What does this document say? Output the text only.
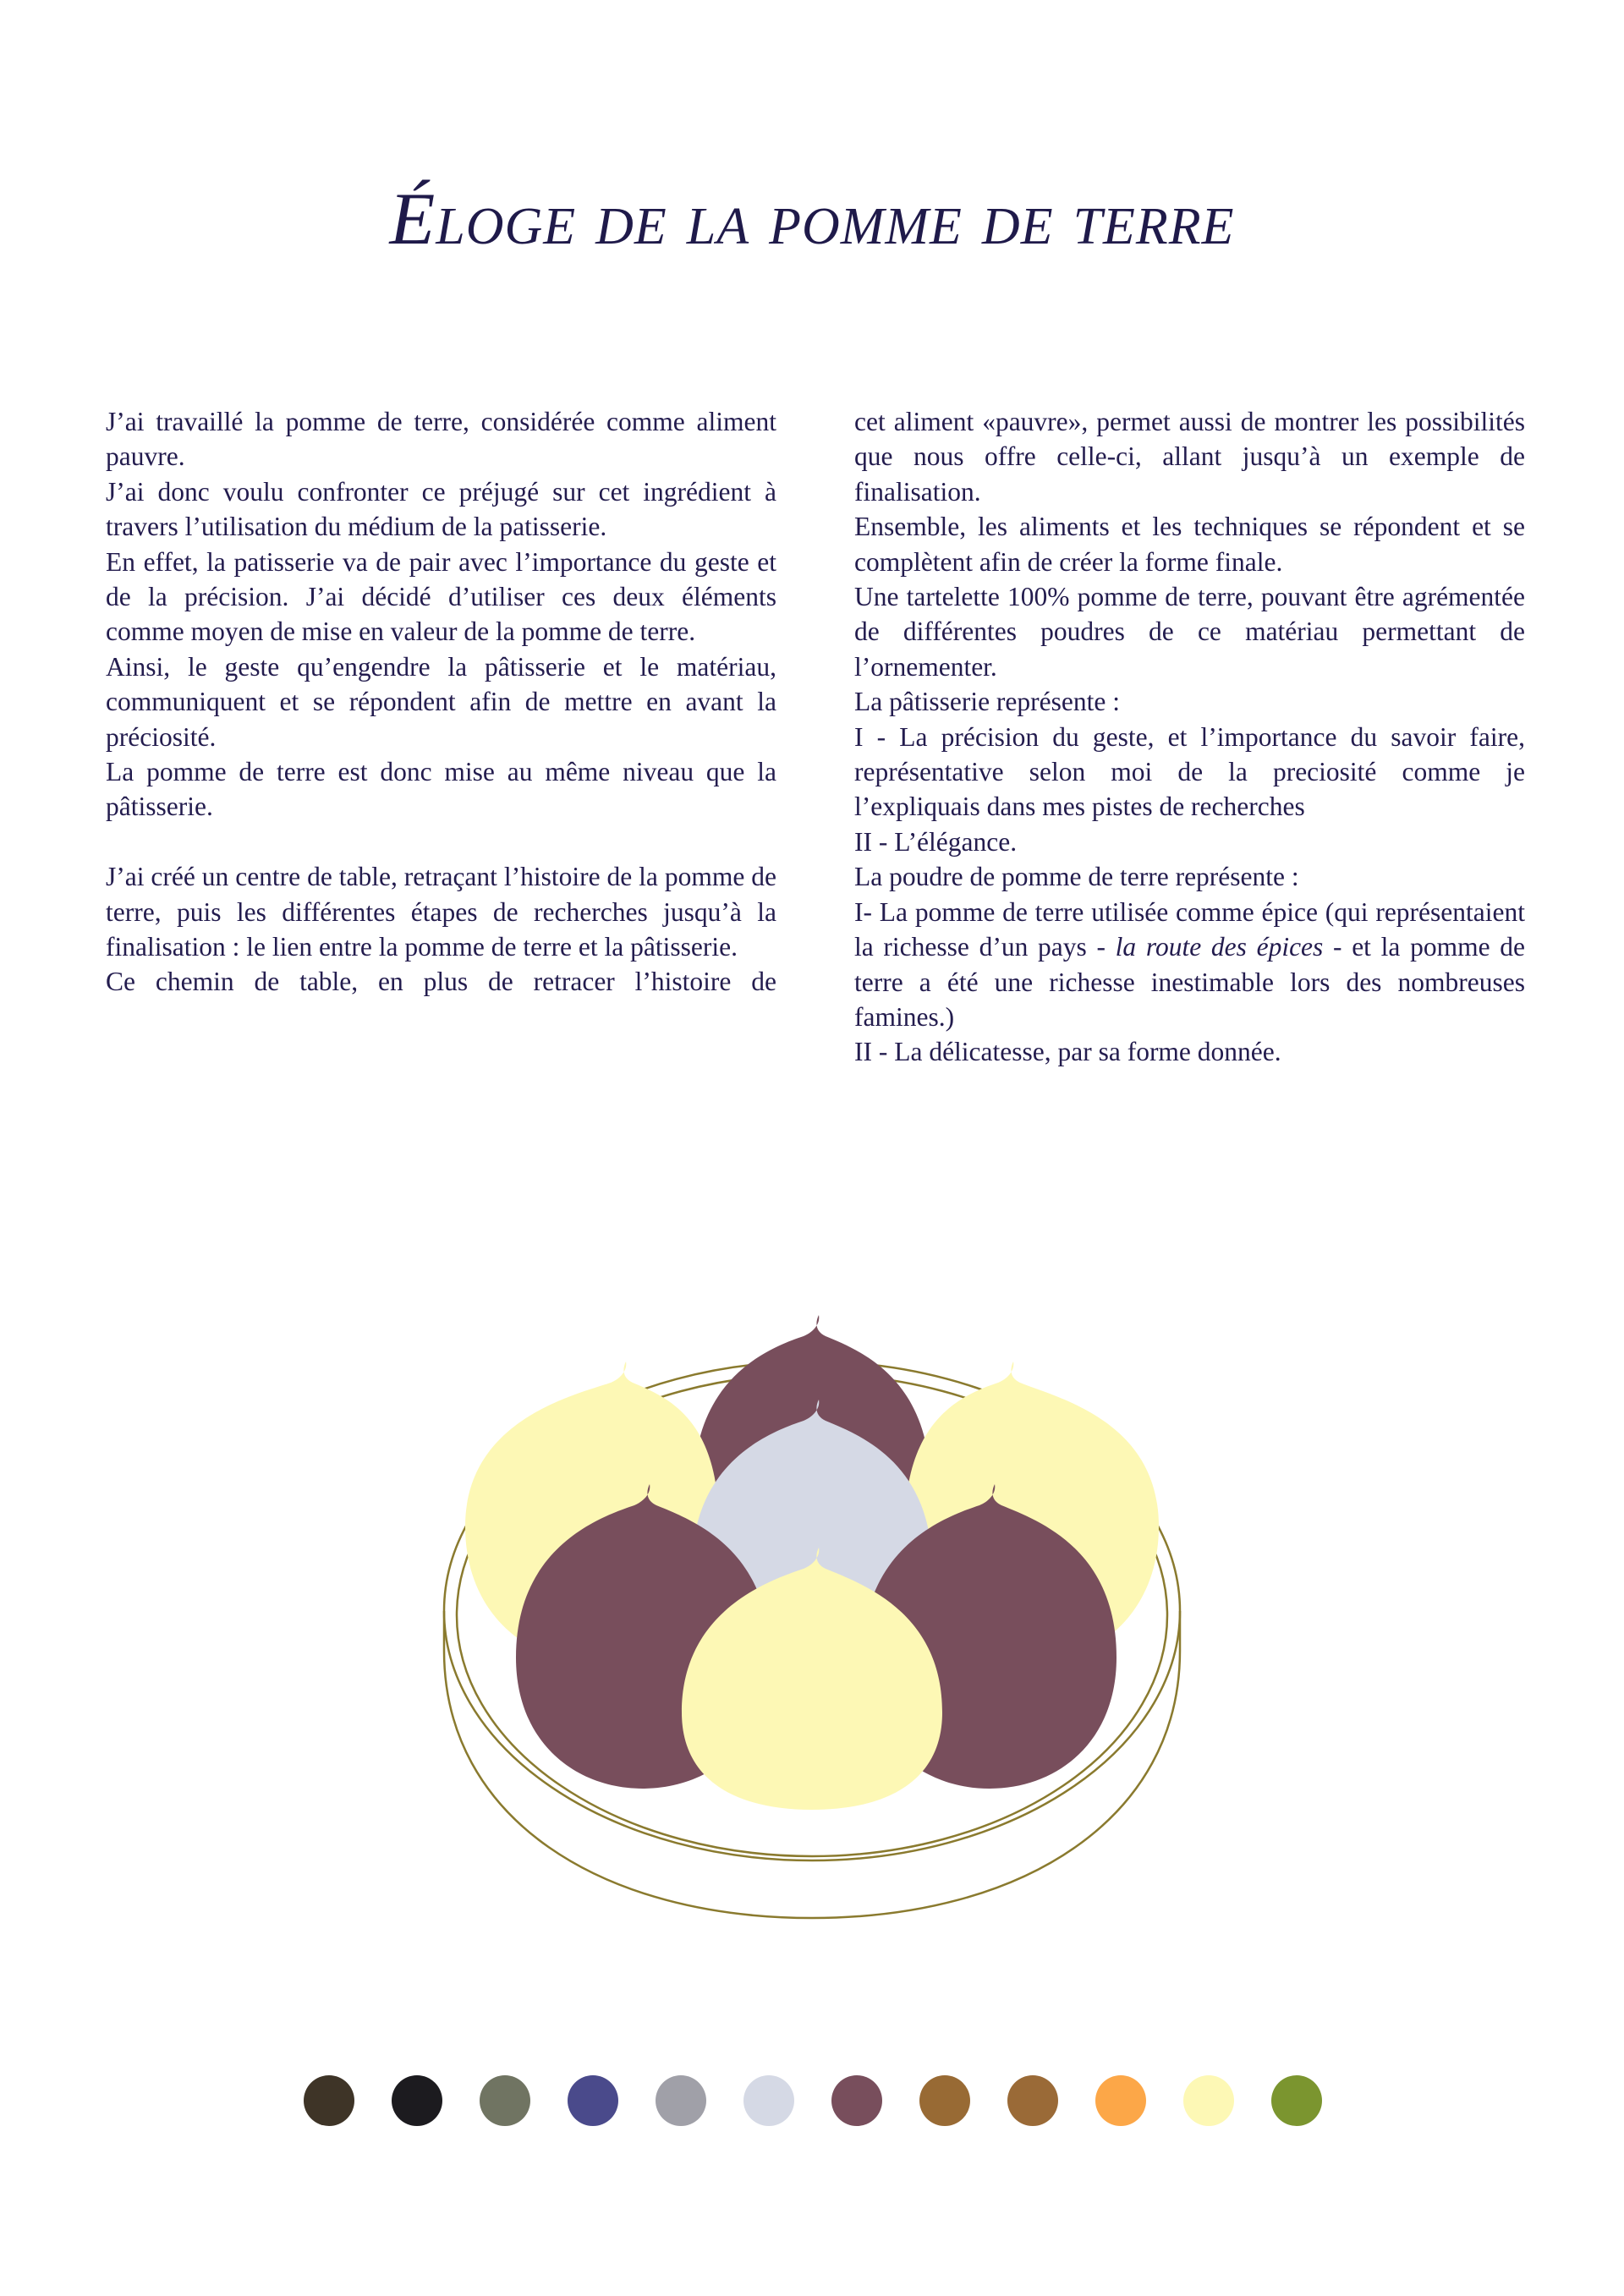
Éloge de la pomme de terre

J’ai travaillé la pomme de terre, considérée comme aliment pauvre.

J’ai donc voulu confronter ce préjugé sur cet ingrédient à travers l’utilisation du médium de la patisserie.

En effet, la patisserie va de pair avec l’importance du geste et de la précision. J’ai décidé d’utiliser ces deux éléments comme moyen de mise en valeur de la pomme de terre.

Ainsi, le geste qu’engendre la pâtisserie et le matériau, communiquent et se répondent afin de mettre en avant la préciosité.

La pomme de terre est donc mise au même niveau que la pâtisserie.

J’ai créé un centre de table, retraçant l’histoire de la pomme de terre, puis les différentes étapes de recherches jusqu’à la finalisation : le lien entre la pomme de terre et la pâtisserie.

Ce chemin de table, en plus de retracer l’histoire de

cet aliment «pauvre», permet aussi de montrer les possibilités que nous offre celle-ci, allant jusqu’à un exemple de finalisation.

Ensemble, les aliments et les techniques se répondent et se complètent afin de créer la forme finale.

Une tartelette 100% pomme de terre, pouvant être agrémentée de différentes poudres de ce matériau permettant de l’ornementer.

La pâtisserie représente :

I - La précision du geste, et l’importance du savoir faire, représentative selon moi de la preciosité comme je l’expliquais dans mes pistes de recherches

II - L’élégance.

La poudre de pomme de terre représente :

I- La pomme de terre utilisée comme épice (qui représentaient la richesse d’un pays - la route des épices - et la pomme de terre a été une richesse inestimable lors des nombreuses famines.)

II - La délicatesse, par sa forme donnée.
